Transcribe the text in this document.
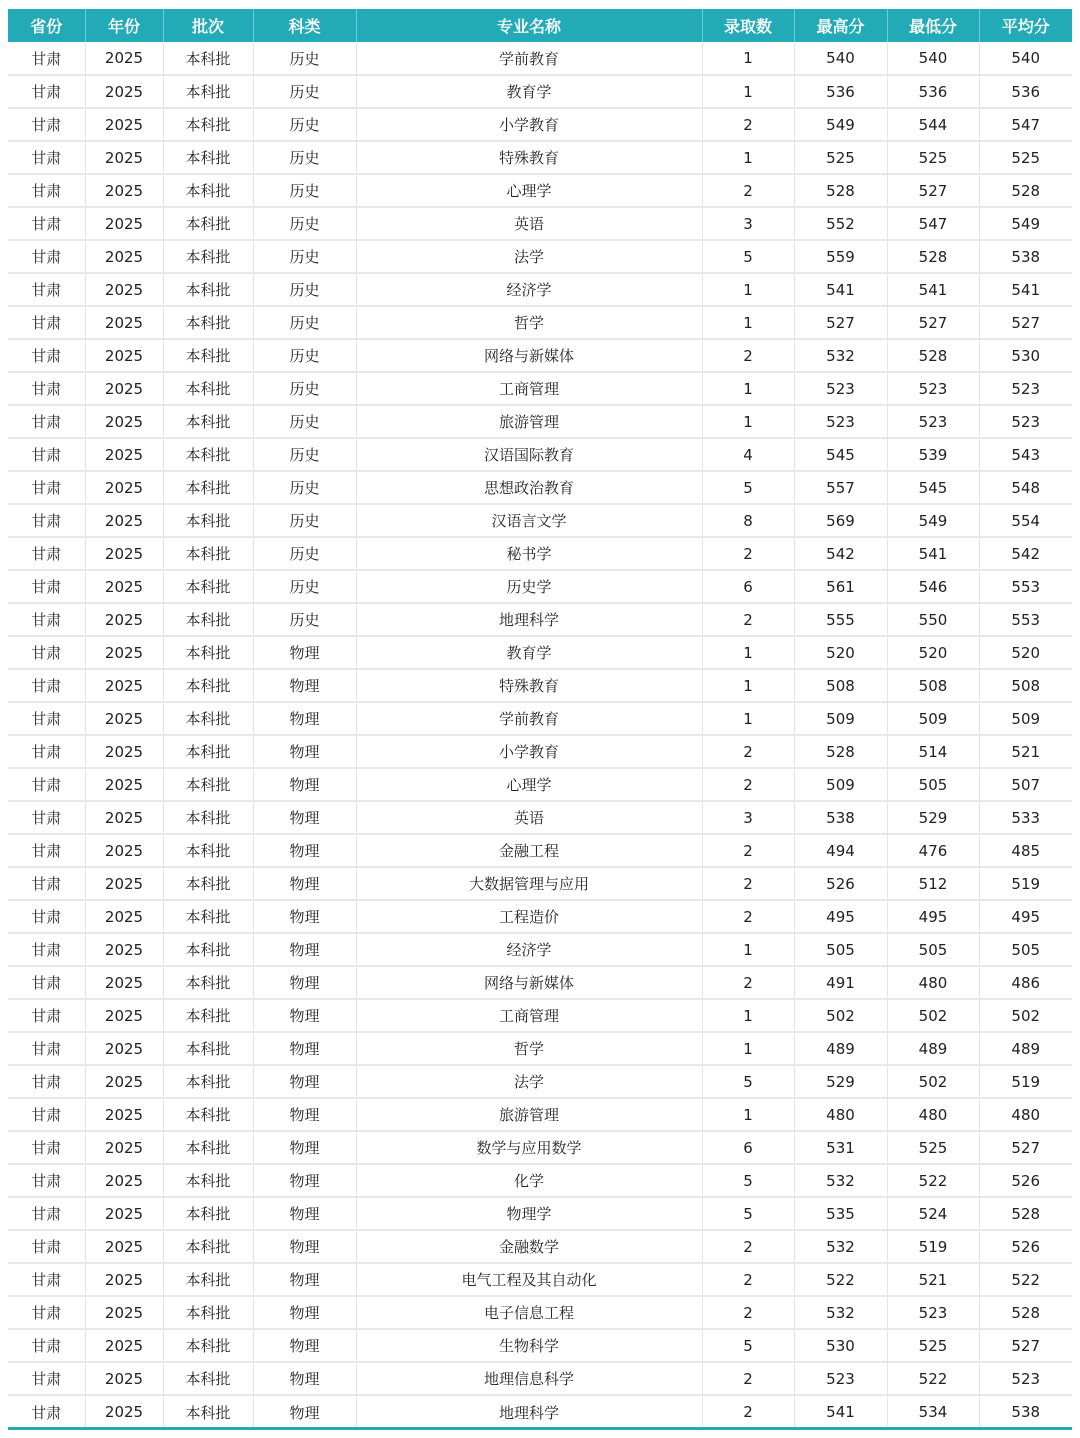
省份	年份	批次	科类	专业名称	录取数	最高分	最低分	平均分
甘肃	2025	本科批	历史	学前教育	1	540	540	540
甘肃	2025	本科批	历史	教育学	1	536	536	536
甘肃	2025	本科批	历史	小学教育	2	549	544	547
甘肃	2025	本科批	历史	特殊教育	1	525	525	525
甘肃	2025	本科批	历史	心理学	2	528	527	528
甘肃	2025	本科批	历史	英语	3	552	547	549
甘肃	2025	本科批	历史	法学	5	559	528	538
甘肃	2025	本科批	历史	经济学	1	541	541	541
甘肃	2025	本科批	历史	哲学	1	527	527	527
甘肃	2025	本科批	历史	网络与新媒体	2	532	528	530
甘肃	2025	本科批	历史	工商管理	1	523	523	523
甘肃	2025	本科批	历史	旅游管理	1	523	523	523
甘肃	2025	本科批	历史	汉语国际教育	4	545	539	543
甘肃	2025	本科批	历史	思想政治教育	5	557	545	548
甘肃	2025	本科批	历史	汉语言文学	8	569	549	554
甘肃	2025	本科批	历史	秘书学	2	542	541	542
甘肃	2025	本科批	历史	历史学	6	561	546	553
甘肃	2025	本科批	历史	地理科学	2	555	550	553
甘肃	2025	本科批	物理	教育学	1	520	520	520
甘肃	2025	本科批	物理	特殊教育	1	508	508	508
甘肃	2025	本科批	物理	学前教育	1	509	509	509
甘肃	2025	本科批	物理	小学教育	2	528	514	521
甘肃	2025	本科批	物理	心理学	2	509	505	507
甘肃	2025	本科批	物理	英语	3	538	529	533
甘肃	2025	本科批	物理	金融工程	2	494	476	485
甘肃	2025	本科批	物理	大数据管理与应用	2	526	512	519
甘肃	2025	本科批	物理	工程造价	2	495	495	495
甘肃	2025	本科批	物理	经济学	1	505	505	505
甘肃	2025	本科批	物理	网络与新媒体	2	491	480	486
甘肃	2025	本科批	物理	工商管理	1	502	502	502
甘肃	2025	本科批	物理	哲学	1	489	489	489
甘肃	2025	本科批	物理	法学	5	529	502	519
甘肃	2025	本科批	物理	旅游管理	1	480	480	480
甘肃	2025	本科批	物理	数学与应用数学	6	531	525	527
甘肃	2025	本科批	物理	化学	5	532	522	526
甘肃	2025	本科批	物理	物理学	5	535	524	528
甘肃	2025	本科批	物理	金融数学	2	532	519	526
甘肃	2025	本科批	物理	电气工程及其自动化	2	522	521	522
甘肃	2025	本科批	物理	电子信息工程	2	532	523	528
甘肃	2025	本科批	物理	生物科学	5	530	525	527
甘肃	2025	本科批	物理	地理信息科学	2	523	522	523
甘肃	2025	本科批	物理	地理科学	2	541	534	538
